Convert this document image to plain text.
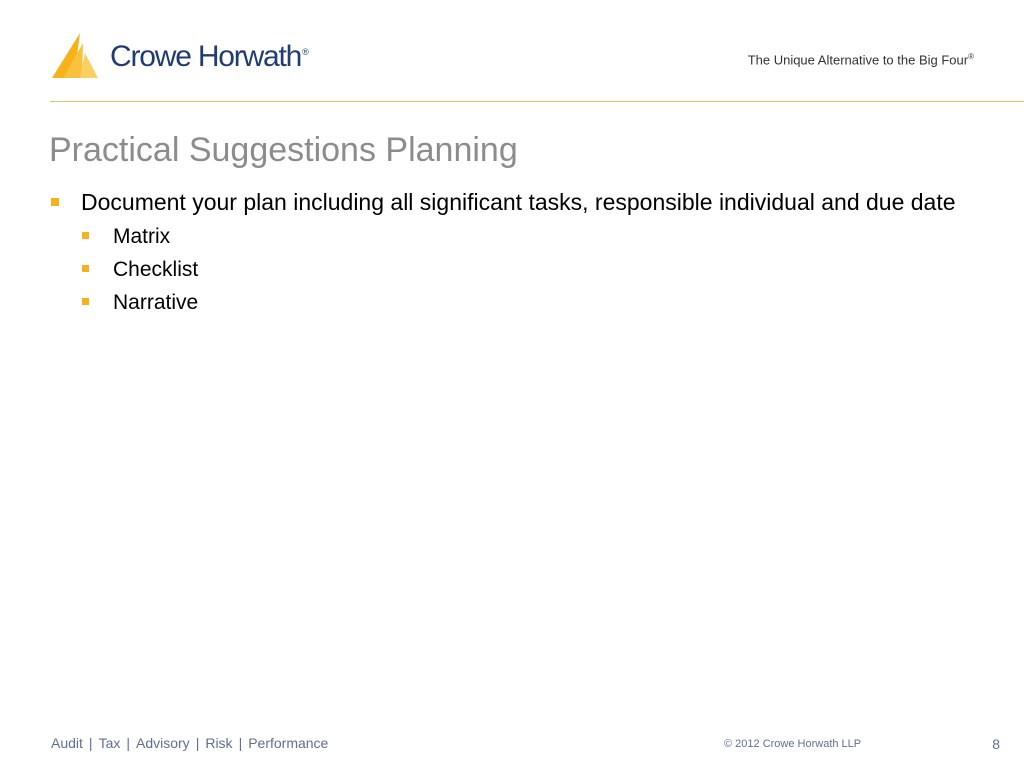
Crowe Horwath®
The Unique Alternative to the Big Four®
Practical Suggestions Planning
Document your plan including all significant tasks, responsible individual and due date
Matrix
Checklist
Narrative
Audit | Tax | Advisory | Risk | Performance	© 2012 Crowe Horwath LLP	8
